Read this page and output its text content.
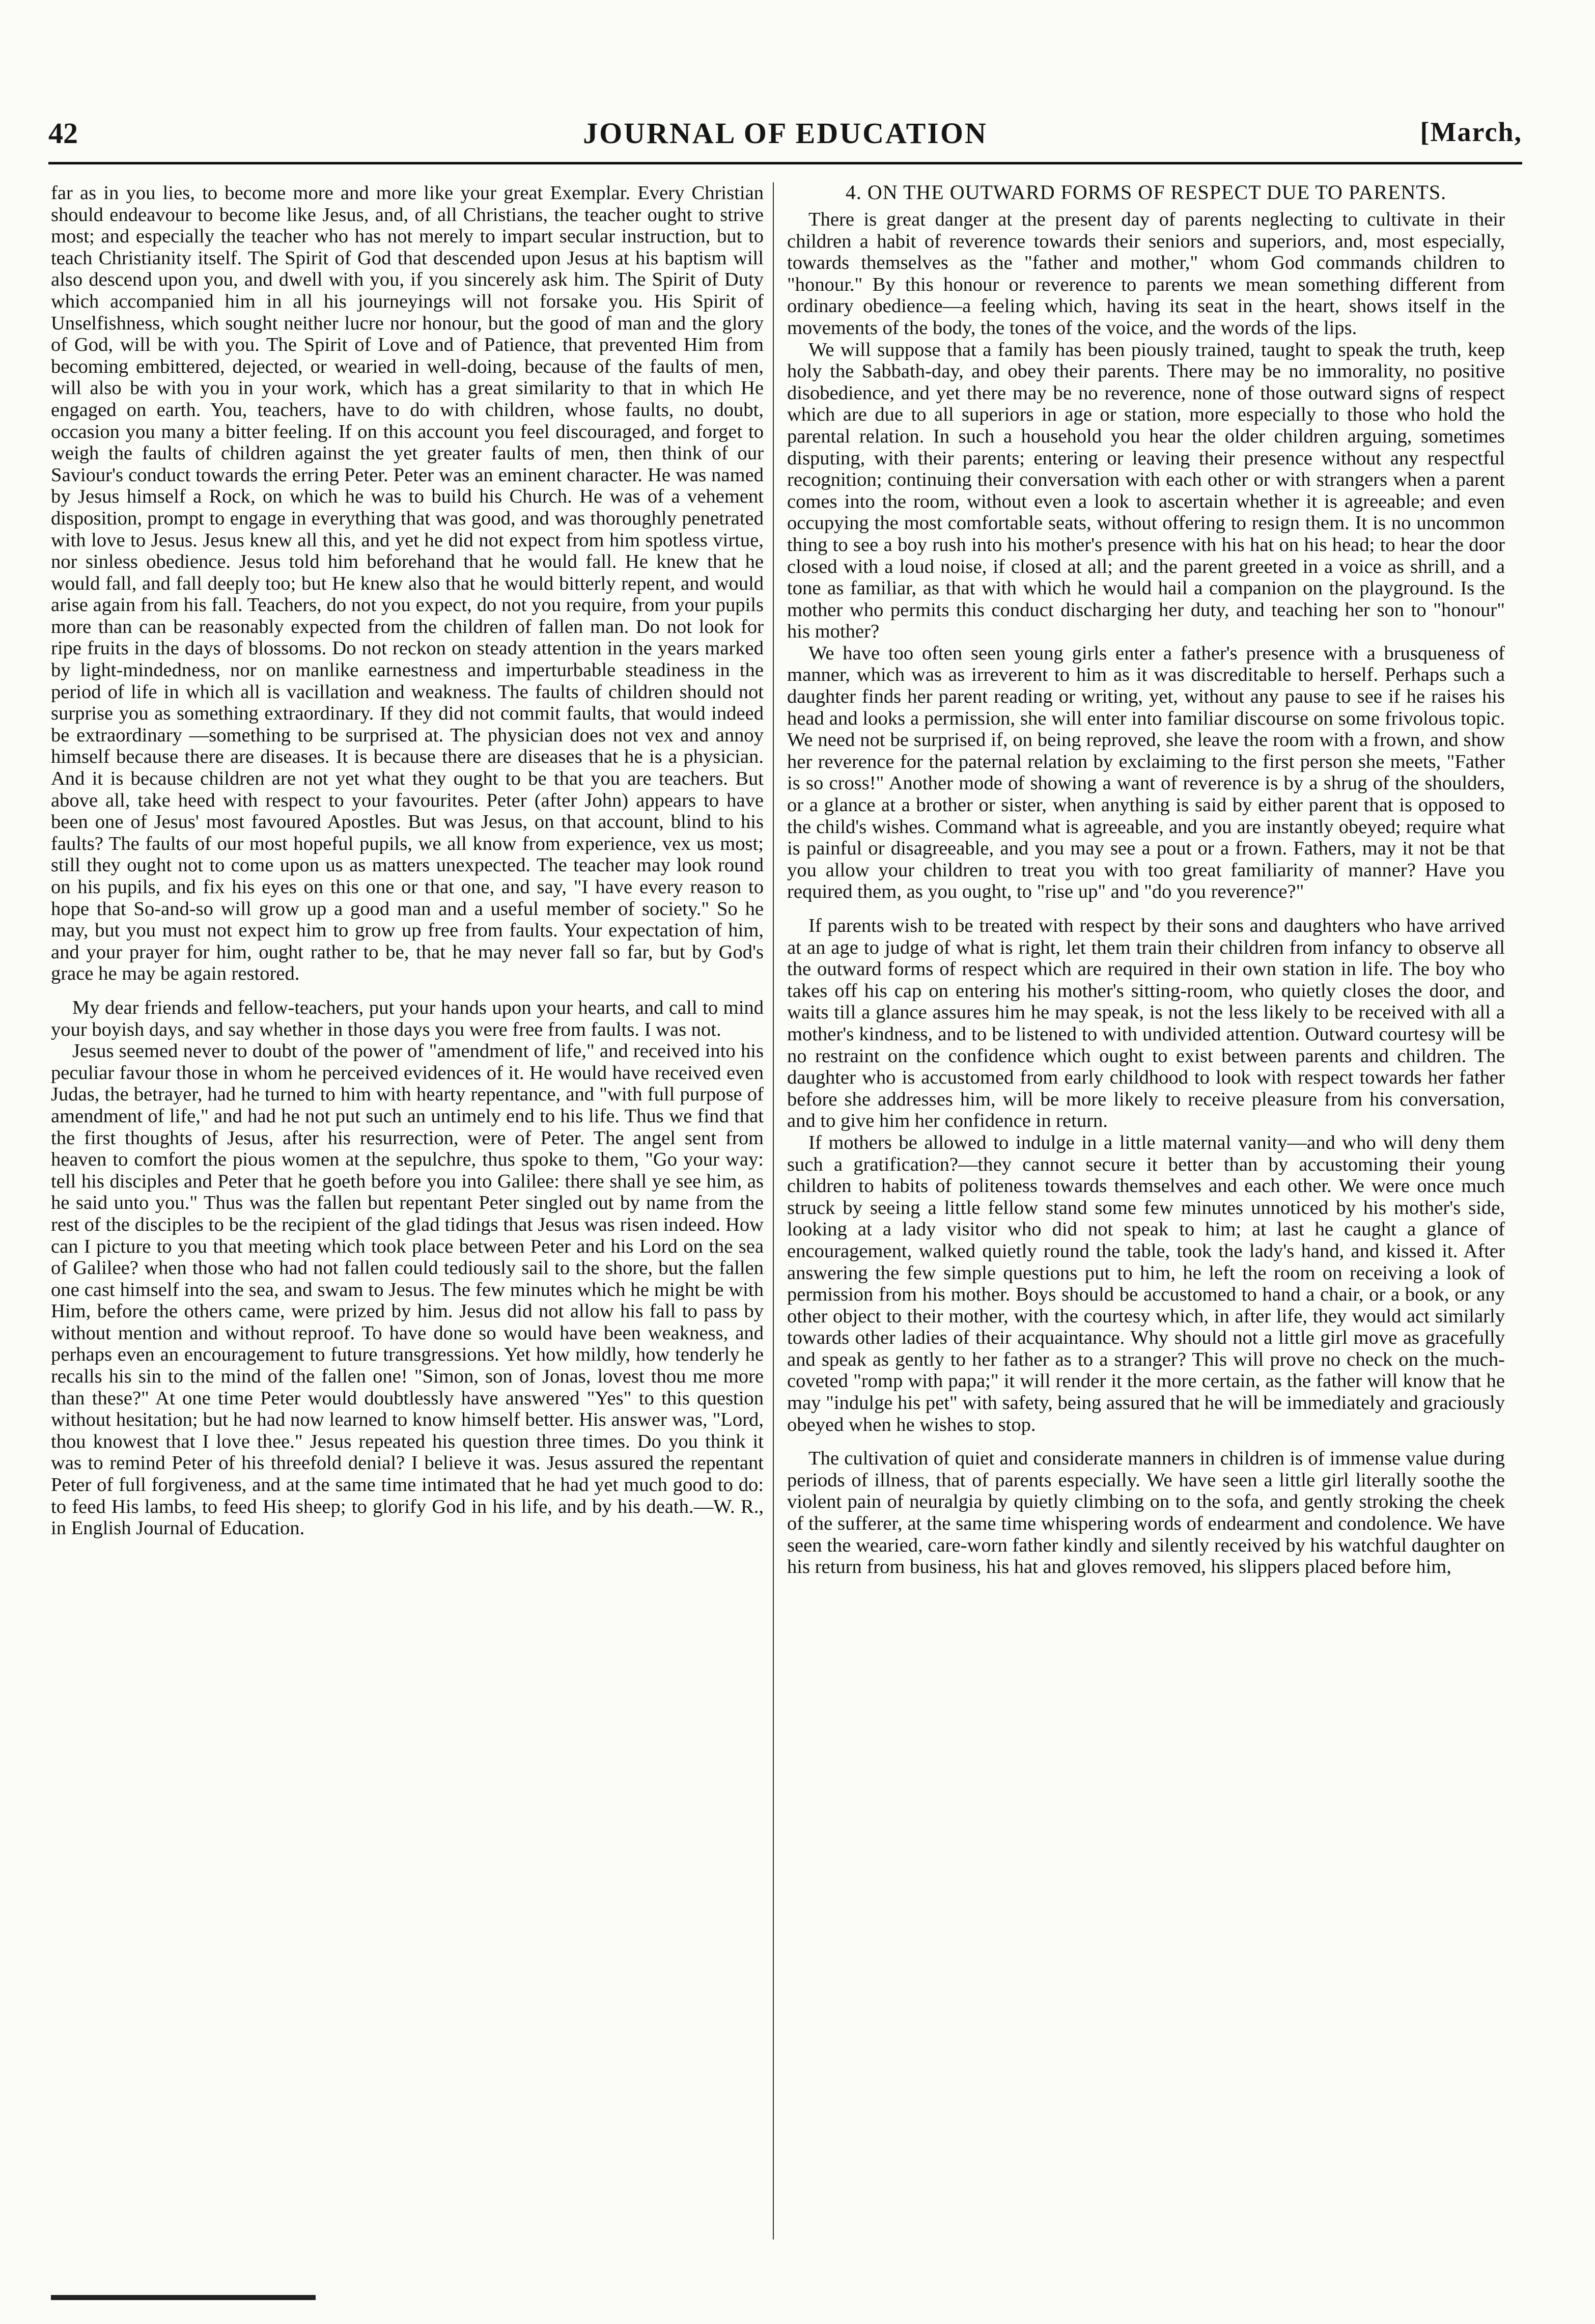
42	JOURNAL OF EDUCATION	[March,

far as in you lies, to become more and more like your great Exemplar. Every Christian should endeavour to become like Jesus, and, of all Christians, the teacher ought to strive most; and especially the teacher who has not merely to impart secular instruction, but to teach Christianity itself. The Spirit of God that descended upon Jesus at his baptism will also descend upon you, and dwell with you, if you sincerely ask him. The Spirit of Duty which accompanied him in all his journeyings will not forsake you. His Spirit of Unselfishness, which sought neither lucre nor honour, but the good of man and the glory of God, will be with you. The Spirit of Love and of Patience, that prevented Him from becoming embittered, dejected, or wearied in well-doing, because of the faults of men, will also be with you in your work, which has a great similarity to that in which He engaged on earth. You, teachers, have to do with children, whose faults, no doubt, occasion you many a bitter feeling. If on this account you feel discouraged, and forget to weigh the faults of children against the yet greater faults of men, then think of our Saviour's conduct towards the erring Peter. Peter was an eminent character. He was named by Jesus himself a Rock, on which he was to build his Church. He was of a vehement disposition, prompt to engage in everything that was good, and was thoroughly penetrated with love to Jesus. Jesus knew all this, and yet he did not expect from him spotless virtue, nor sinless obedience. Jesus told him beforehand that he would fall. He knew that he would fall, and fall deeply too; but He knew also that he would bitterly repent, and would arise again from his fall. Teachers, do not you expect, do not you require, from your pupils more than can be reasonably expected from the children of fallen man. Do not look for ripe fruits in the days of blossoms. Do not reckon on steady attention in the years marked by light-mindedness, nor on manlike earnestness and imperturbable steadiness in the period of life in which all is vacillation and weakness. The faults of children should not surprise you as something extraordinary. If they did not commit faults, that would indeed be extraordinary —something to be surprised at. The physician does not vex and annoy himself because there are diseases. It is because there are diseases that he is a physician. And it is because children are not yet what they ought to be that you are teachers. But above all, take heed with respect to your favourites. Peter (after John) appears to have been one of Jesus' most favoured Apostles. But was Jesus, on that account, blind to his faults? The faults of our most hopeful pupils, we all know from experience, vex us most; still they ought not to come upon us as matters unexpected. The teacher may look round on his pupils, and fix his eyes on this one or that one, and say, "I have every reason to hope that So-and-so will grow up a good man and a useful member of society." So he may, but you must not expect him to grow up free from faults. Your expectation of him, and your prayer for him, ought rather to be, that he may never fall so far, but by God's grace he may be again restored.

My dear friends and fellow-teachers, put your hands upon your hearts, and call to mind your boyish days, and say whether in those days you were free from faults. I was not.

Jesus seemed never to doubt of the power of "amendment of life," and received into his peculiar favour those in whom he perceived evidences of it. He would have received even Judas, the betrayer, had he turned to him with hearty repentance, and "with full purpose of amendment of life," and had he not put such an untimely end to his life. Thus we find that the first thoughts of Jesus, after his resurrection, were of Peter. The angel sent from heaven to comfort the pious women at the sepulchre, thus spoke to them, "Go your way: tell his disciples and Peter that he goeth before you into Galilee: there shall ye see him, as he said unto you." Thus was the fallen but repentant Peter singled out by name from the rest of the disciples to be the recipient of the glad tidings that Jesus was risen indeed. How can I picture to you that meeting which took place between Peter and his Lord on the sea of Galilee? when those who had not fallen could tediously sail to the shore, but the fallen one cast himself into the sea, and swam to Jesus. The few minutes which he might be with Him, before the others came, were prized by him. Jesus did not allow his fall to pass by without mention and without reproof. To have done so would have been weakness, and perhaps even an encouragement to future transgressions. Yet how mildly, how tenderly he recalls his sin to the mind of the fallen one! "Simon, son of Jonas, lovest thou me more than these?" At one time Peter would doubtlessly have answered "Yes" to this question without hesitation; but he had now learned to know himself better. His answer was, "Lord, thou knowest that I love thee." Jesus repeated his question three times. Do you think it was to remind Peter of his threefold denial? I believe it was. Jesus assured the repentant Peter of full forgiveness, and at the same time intimated that he had yet much good to do: to feed His lambs, to feed His sheep; to glorify God in his life, and by his death.—W. R., in English Journal of Education.

4. ON THE OUTWARD FORMS OF RESPECT DUE TO PARENTS.

There is great danger at the present day of parents neglecting to cultivate in their children a habit of reverence towards their seniors and superiors, and, most especially, towards themselves as the "father and mother," whom God commands children to "honour." By this honour or reverence to parents we mean something different from ordinary obedience—a feeling which, having its seat in the heart, shows itself in the movements of the body, the tones of the voice, and the words of the lips.

We will suppose that a family has been piously trained, taught to speak the truth, keep holy the Sabbath-day, and obey their parents. There may be no immorality, no positive disobedience, and yet there may be no reverence, none of those outward signs of respect which are due to all superiors in age or station, more especially to those who hold the parental relation. In such a household you hear the older children arguing, sometimes disputing, with their parents; entering or leaving their presence without any respectful recognition; continuing their conversation with each other or with strangers when a parent comes into the room, without even a look to ascertain whether it is agreeable; and even occupying the most comfortable seats, without offering to resign them. It is no uncommon thing to see a boy rush into his mother's presence with his hat on his head; to hear the door closed with a loud noise, if closed at all; and the parent greeted in a voice as shrill, and a tone as familiar, as that with which he would hail a companion on the playground. Is the mother who permits this conduct discharging her duty, and teaching her son to "honour" his mother?

We have too often seen young girls enter a father's presence with a brusqueness of manner, which was as irreverent to him as it was discreditable to herself. Perhaps such a daughter finds her parent reading or writing, yet, without any pause to see if he raises his head and looks a permission, she will enter into familiar discourse on some frivolous topic. We need not be surprised if, on being reproved, she leave the room with a frown, and show her reverence for the paternal relation by exclaiming to the first person she meets, "Father is so cross!" Another mode of showing a want of reverence is by a shrug of the shoulders, or a glance at a brother or sister, when anything is said by either parent that is opposed to the child's wishes. Command what is agreeable, and you are instantly obeyed; require what is painful or disagreeable, and you may see a pout or a frown. Fathers, may it not be that you allow your children to treat you with too great familiarity of manner? Have you required them, as you ought, to "rise up" and "do you reverence?"

If parents wish to be treated with respect by their sons and daughters who have arrived at an age to judge of what is right, let them train their children from infancy to observe all the outward forms of respect which are required in their own station in life. The boy who takes off his cap on entering his mother's sitting-room, who quietly closes the door, and waits till a glance assures him he may speak, is not the less likely to be received with all a mother's kindness, and to be listened to with undivided attention. Outward courtesy will be no restraint on the confidence which ought to exist between parents and children. The daughter who is accustomed from early childhood to look with respect towards her father before she addresses him, will be more likely to receive pleasure from his conversation, and to give him her confidence in return.

If mothers be allowed to indulge in a little maternal vanity—and who will deny them such a gratification?—they cannot secure it better than by accustoming their young children to habits of politeness towards themselves and each other. We were once much struck by seeing a little fellow stand some few minutes unnoticed by his mother's side, looking at a lady visitor who did not speak to him; at last he caught a glance of encouragement, walked quietly round the table, took the lady's hand, and kissed it. After answering the few simple questions put to him, he left the room on receiving a look of permission from his mother. Boys should be accustomed to hand a chair, or a book, or any other object to their mother, with the courtesy which, in after life, they would act similarly towards other ladies of their acquaintance. Why should not a little girl move as gracefully and speak as gently to her father as to a stranger? This will prove no check on the much-coveted "romp with papa;" it will render it the more certain, as the father will know that he may "indulge his pet" with safety, being assured that he will be immediately and graciously obeyed when he wishes to stop.

The cultivation of quiet and considerate manners in children is of immense value during periods of illness, that of parents especially. We have seen a little girl literally soothe the violent pain of neuralgia by quietly climbing on to the sofa, and gently stroking the cheek of the sufferer, at the same time whispering words of endearment and condolence. We have seen the wearied, care-worn father kindly and silently received by his watchful daughter on his return from business, his hat and gloves removed, his slippers placed before him,
